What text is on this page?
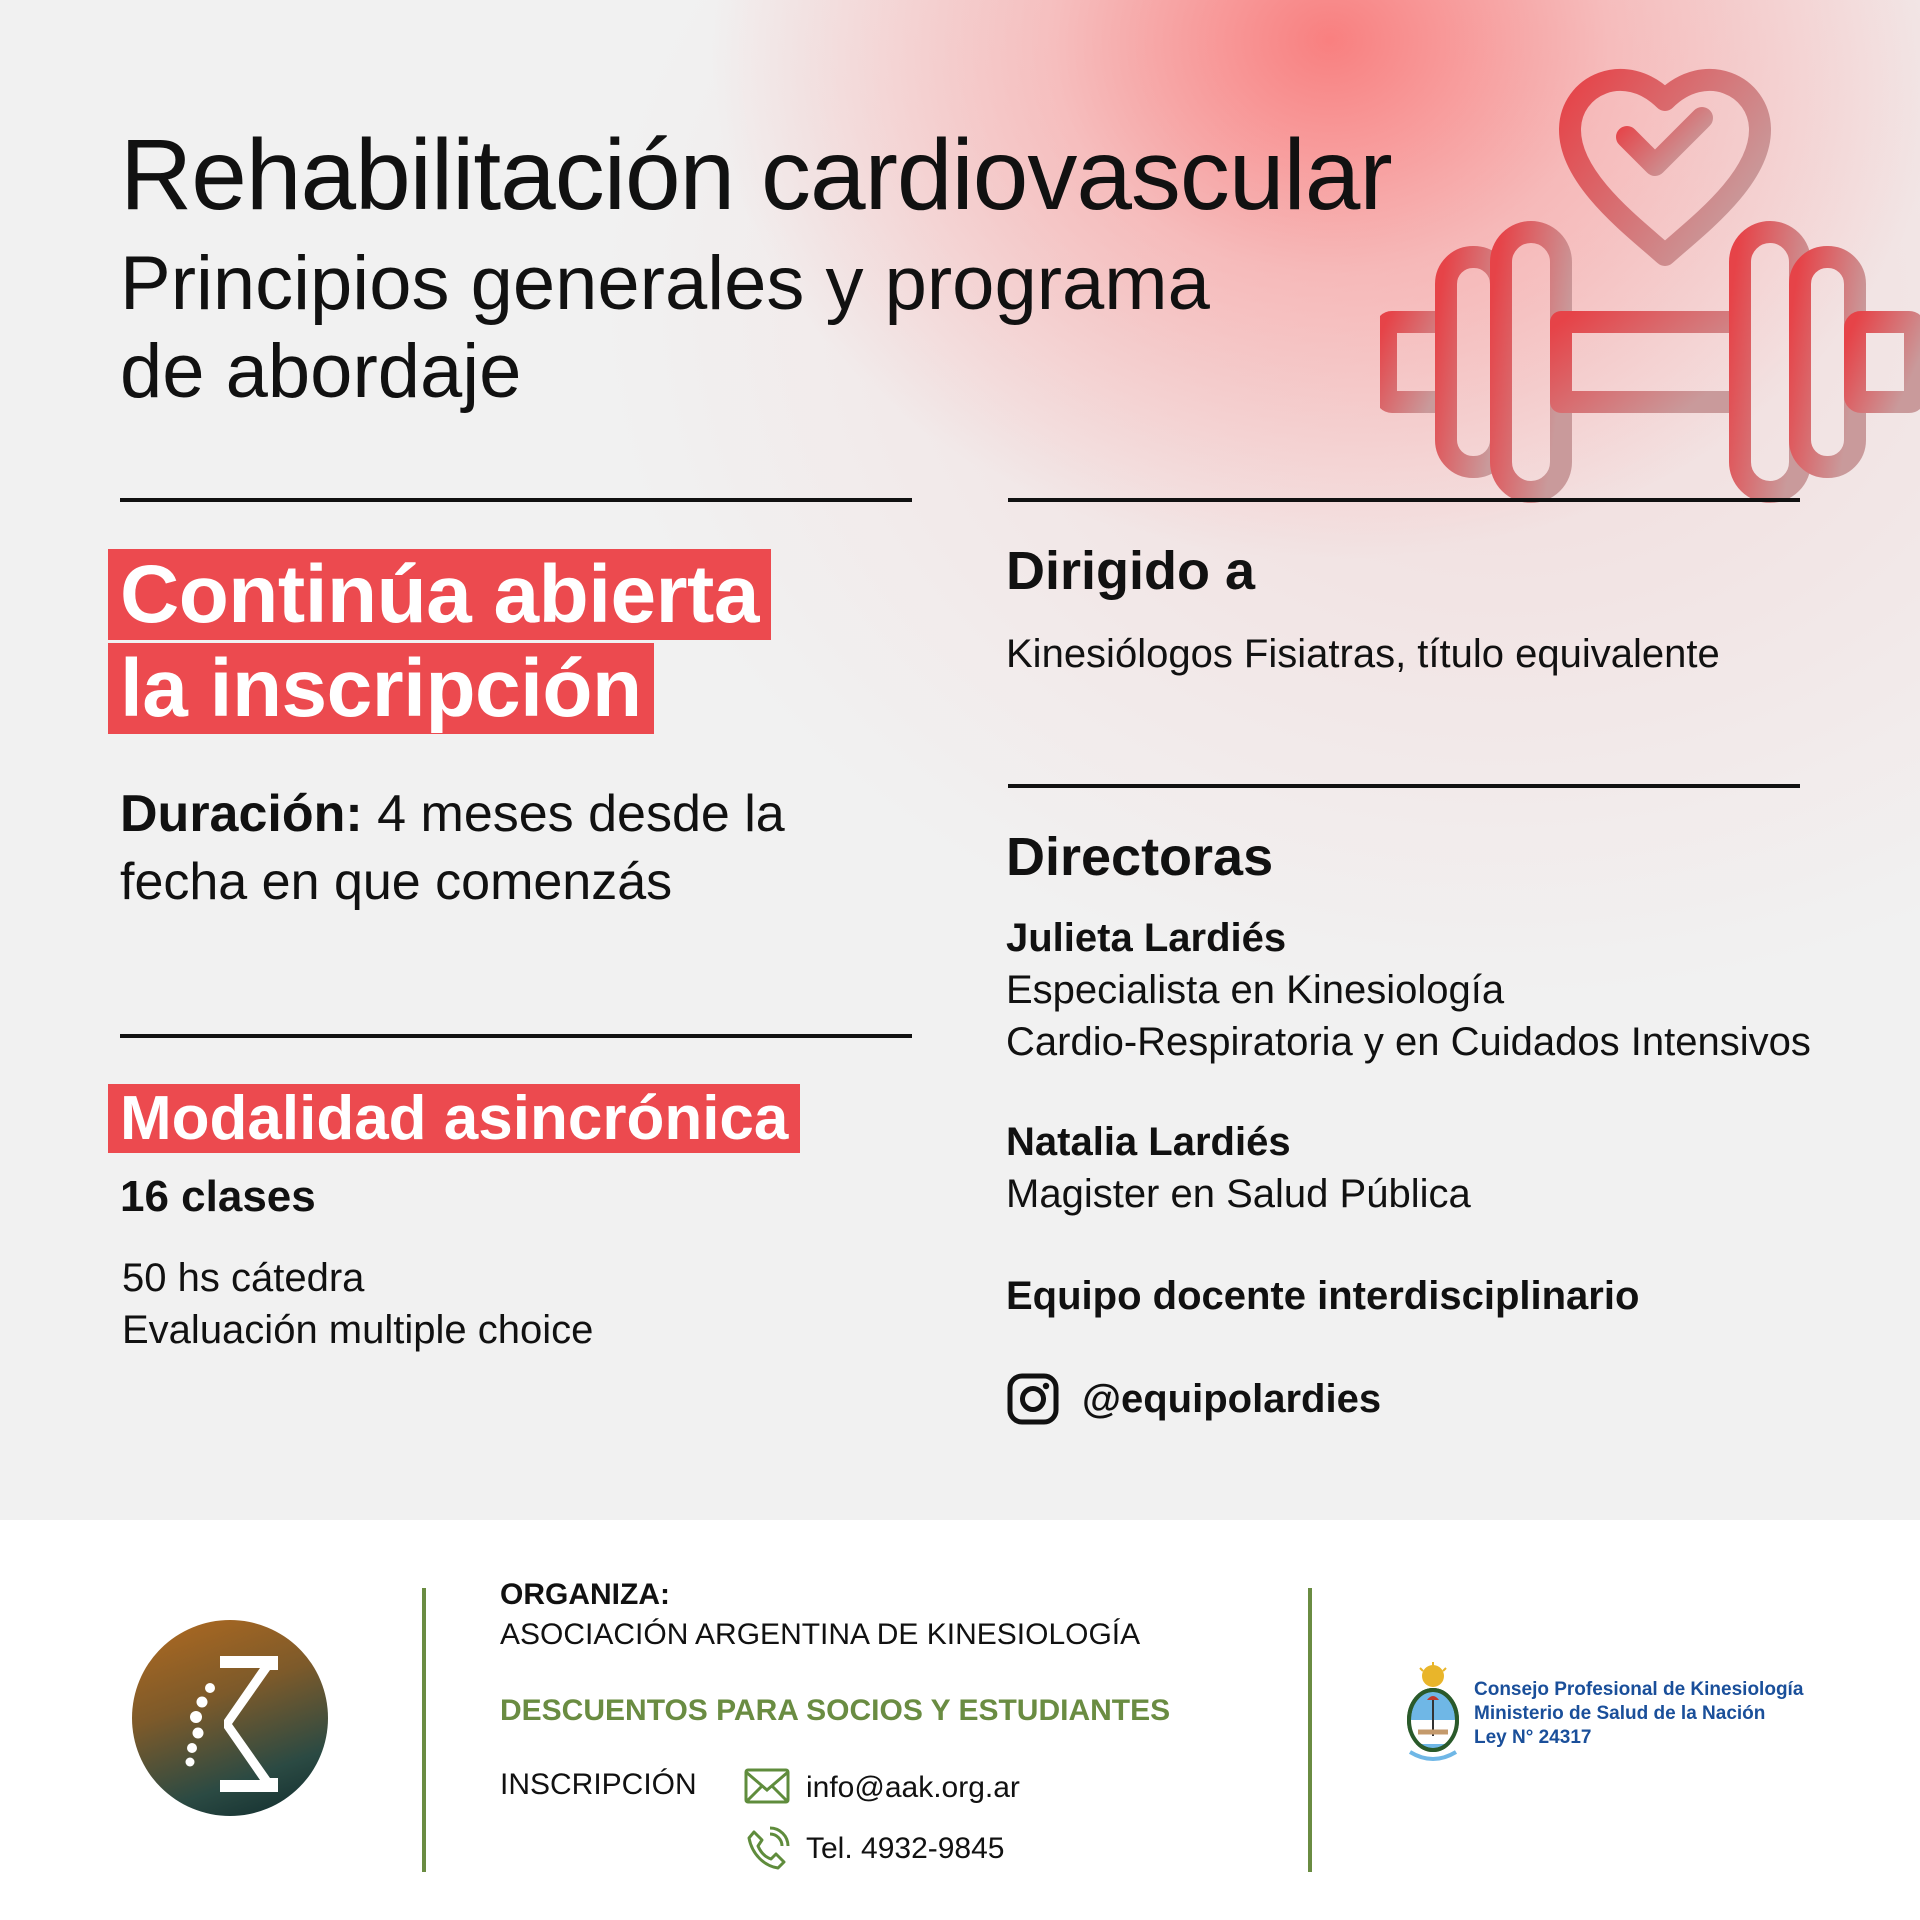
Rehabilitación cardiovascular
Principios generales y programa de abordaje
Continúa abierta la inscripción
Duración: 4 meses desde la fecha en que comenzás
Modalidad asincrónica
16 clases
50 hs cátedra
Evaluación multiple choice
Dirigido a
Kinesiólogos Fisiatras, título equivalente
Directoras
Julieta Lardiés
Especialista en Kinesiología
Cardio-Respiratoria y en Cuidados Intensivos
Natalia Lardiés
Magister en Salud Pública
Equipo docente interdisciplinario
@equipolardies
ORGANIZA:
ASOCIACIÓN ARGENTINA DE KINESIOLOGÍA
DESCUENTOS PARA SOCIOS Y ESTUDIANTES
INSCRIPCIÓN	info@aak.org.ar
Tel. 4932-9845
Consejo Profesional de Kinesiología
Ministerio de Salud de la Nación
Ley N° 24317
